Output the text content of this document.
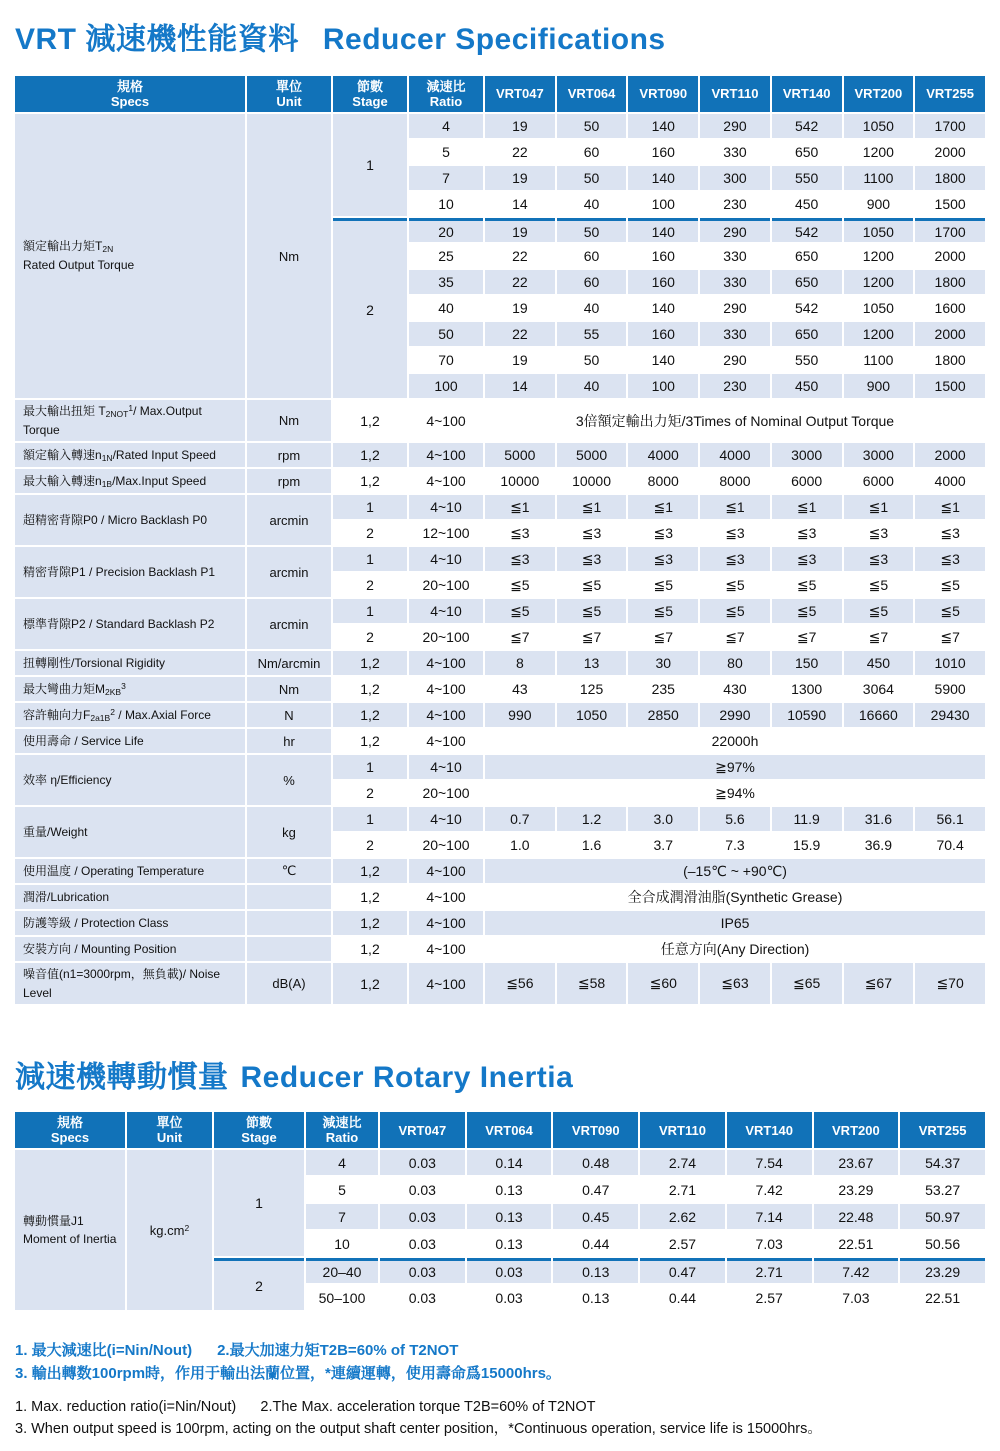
VRT 減速機性能資料 Reducer Specifications
規格
Specs

單位
Unit

節數
Stage

減速比
Ratio
	VRT047	VRT064	VRT090	VRT110	VRT140	VRT200	VRT255
額定輸出力矩$T_{2N}$
Rated Output Torque	Nm	1	4	19	50	140	290	542	1050	1700
			5	22	60	160	330	650	1200	2000
			7	19	50	140	300	550	1100	1800
			10	14	40	100	230	450	900	1500
		2	20	19	50	140	290	542	1050	1700
			25	22	60	160	330	650	1200	2000
			35	22	60	160	330	650	1200	1800
			40	19	40	140	290	542	1050	1600
			50	22	55	160	330	650	1200	2000
			70	19	50	140	290	550	1100	1800
			100	14	40	100	230	450	900	1500
最大輸出扭矩 $T_{2NOT}^1/$ Max.Output Torque	Nm	1,2	4~100	3倍額定輸出力矩/3Times of Nominal Output Torque						
額定輸入轉速$n_{1N}$/Rated Input Speed	rpm	1,2	4~100	5000	5000	4000	4000	3000	3000	2000
最大輸入轉速$n_{1B}/Max.Input$ Speed	rpm	1,2	4~100	10000	10000	8000	8000	6000	6000	4000
超精密背隙P0 / Micro Backlash P0	arcmin	1	4~10	≦1	≦1	≦1	≦1	≦1	≦1	≦1
		2	12~100	≦3	≦3	≦3	≦3	≦3	≦3	≦3
精密背隙P1 / Precision Backlash P1	arcmin	1	4~10	≦3	≦3	≦3	≦3	≦3	≦3	≦3
		2	20~100	≦5	≦5	≦5	≦5	≦5	≦5	≦5
標準背隙P2 / Standard Backlash P2	arcmin	1	4~10	≦5	≦5	≦5	≦5	≦5	≦5	≦5
		2	20~100	≦7	≦7	≦7	≦7	≦7	≦7	≦7
扭轉剛性/Torsional Rigidity	Nm/arcmin	1,2	4~100	8	13	30	80	150	450	1010
最大彎曲力矩$M_{2KB}^3$	Nm	1,2	4~100	43	125	235	430	1300	3064	5900
容許軸向力$F_{2a1B}^2$ / Max.Axial Force	N	1,2	4~100	990	1050	2850	2990	10590	16660	29430
使用壽命 / Service Life	hr	1,2	4~100	22000h						
效率 η/Efficiency	%	1	4~10	≧97%						
		2	20~100	≧94%						
重量/Weight	kg	1	4~10	0.7	1.2	3.0	5.6	11.9	31.6	56.1
		2	20~100	1.0	1.6	3.7	7.3	15.9	36.9	70.4
使用温度 / Operating Temperature	℃	1,2	4~100	(–15℃ ~ +90℃)						
潤滑/Lubrication		1,2	4~100	全合成潤滑油脂(Synthetic Grease)						
防護等級 / Protection Class		1,2	4~100	IP65						
安裝方向 / Mounting Position		1,2	4~100	任意方向(Any Direction)						
噪音值(n1=3000rpm，無負載)/ Noise Level	dB(A)	1,2	4~100	≦56	≦58	≦60	≦63	≦65	≦67	≦70
減速機轉動慣量 Reducer Rotary Inertia
規格
Specs

單位
Unit

節數
Stage

減速比
Ratio
	VRT047	VRT064	VRT090	VRT110	VRT140	VRT200	VRT255
轉動慣量J1
Moment of Inertia	$kg.cm^2$	1	4	0.03	0.14	0.48	2.74	7.54	23.67	54.37
			5	0.03	0.13	0.47	2.71	7.42	23.29	53.27
			7	0.03	0.13	0.45	2.62	7.14	22.48	50.97
			10	0.03	0.13	0.44	2.57	7.03	22.51	50.56
		2	20–40	0.03	0.03	0.13	0.47	2.71	7.42	23.29
			50–100	0.03	0.03	0.13	0.44	2.57	7.03	22.51

1. 最大減速比(i=Nin/Nout)      2.最大加速力矩T2B=60% of T2NOT

3. 輸出轉数100rpm時，作用于輸出法蘭位置，*連續運轉，使用壽命爲15000hrs。

1. Max. reduction ratio(i=Nin/Nout)      2.The Max. acceleration torque T2B=60% of T2NOT

3. When output speed is 100rpm, acting on the output shaft center position，*Continuous operation, service life is 15000hrs。
